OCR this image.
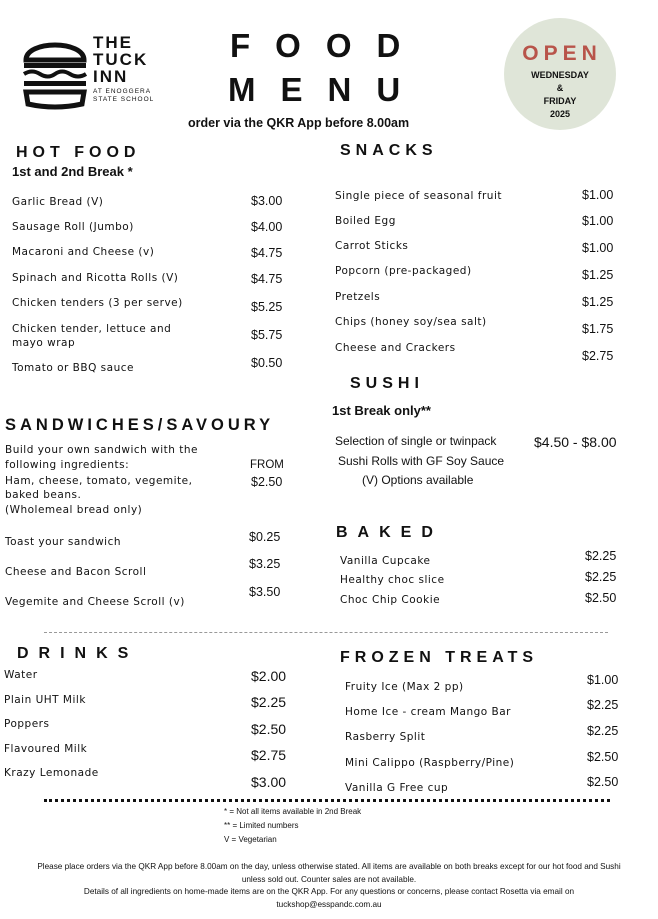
THE
TUCK
INN
AT ENOGGERA
STATE SCHOOL
FOOD
MENU
order via the QKR App before 8.00am
OPEN
WEDNESDAY
&
FRIDAY
2025
HOT FOOD
1st and 2nd Break *
Garlic Bread (V)	$3.00
Sausage Roll (Jumbo)	$4.00
Macaroni and Cheese (v)	$4.75
Spinach and Ricotta Rolls (V)	$4.75
Chicken tenders (3 per serve)	$5.25
Chicken tender, lettuce and mayo wrap
$5.75
Tomato or BBQ sauce	$0.50
SNACKS
Single piece of seasonal fruit	$1.00
Boiled Egg	$1.00
Carrot Sticks	$1.00
Popcorn (pre-packaged)	$1.25
Pretzels	$1.25
Chips (honey soy/sea salt)	$1.75
Cheese and Crackers
$2.75
SUSHI
1st Break only**
Selection of single or twinpack
Sushi Rolls with GF Soy Sauce
(V) Options available
$4.50 - $8.00
SANDWICHES/SAVOURY
Build your own sandwich with the
following ingredients:
Ham, cheese, tomato, vegemite,
baked beans.
(Wholemeal bread only)
FROM
$2.50
Toast your sandwich	$0.25
Cheese and Bacon Scroll
$3.25
Vegemite and Cheese Scroll (v)
$3.50
BAKED
Vanilla Cupcake	$2.25
Healthy choc slice	$2.25
Choc Chip Cookie	$2.50
DRINKS
Water	$2.00
Plain UHT Milk	$2.25
Poppers	$2.50
Flavoured Milk	$2.75
Krazy Lemonade
$3.00
FROZEN TREATS
Fruity Ice (Max 2 pp)	$1.00
Home Ice - cream Mango Bar	$2.25
Rasberry Split	$2.25
Mini Calippo (Raspberry/Pine)	$2.50
Vanilla G Free cup	$2.50
* = Not all items available in 2nd Break
** = Limited numbers
V = Vegetarian
Please place orders via the QKR App before 8.00am on the day, unless otherwise stated. All items are available on both breaks except for our hot food and Sushi
unless sold out. Counter sales are not available.
Details of all ingredients on home-made items are on the QKR App. For any questions or concerns, please contact Rosetta via email on
tuckshop@esspandc.com.au
